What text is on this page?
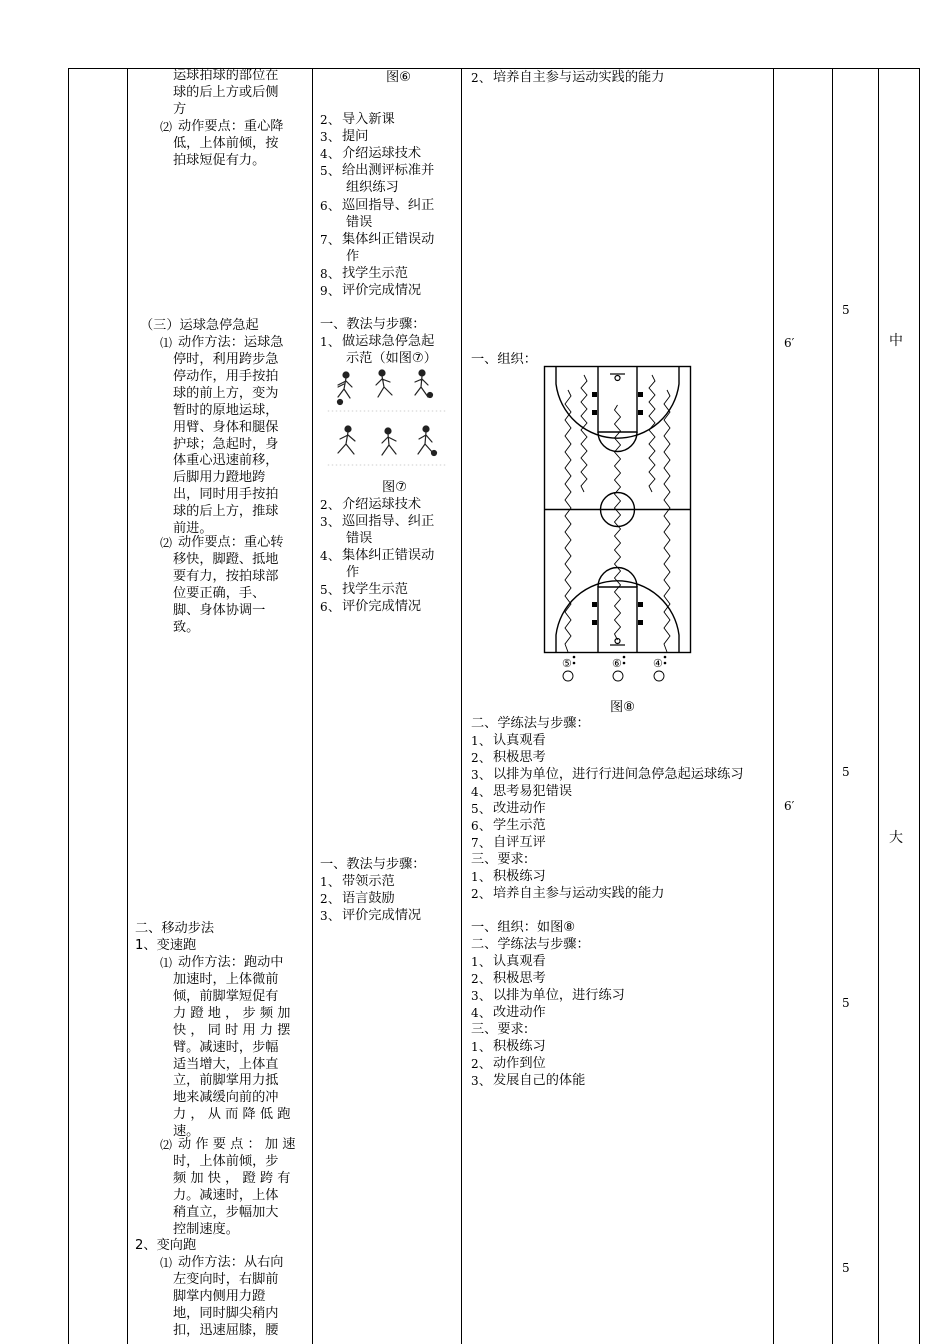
运球拍球的部位在
球的后上方或后侧
方
⑵ 动作要点：重心降
低，上体前倾，按
拍球短促有力。
（三）运球急停急起
⑴ 动作方法：运球急
停时，利用跨步急
停动作，用手按拍
球的前上方，变为
暂时的原地运球，
用臂、身体和腿保
护球；急起时，身
体重心迅速前移，
后脚用力蹬地跨
出，同时用手按拍
球的后上方，推球
前进。
⑵ 动作要点：重心转
移快，脚蹬、抵地
要有力，按拍球部
位要正确，手、
脚、身体协调一
致。
二、移动步法
1、变速跑
⑴ 动作方法：跑动中
加速时，上体微前
倾，前脚掌短促有
力 蹬 地 ， 步 频 加
快 ， 同 时 用 力 摆
臂。减速时，步幅
适当增大，上体直
立，前脚掌用力抵
地来减缓向前的冲
力 ， 从 而 降 低 跑
速。
⑵ 动 作 要 点 ： 加 速
时，上体前倾，步
频 加 快 ， 蹬 跨 有
力。减速时，上体
稍直立，步幅加大
控制速度。
2、变向跑
⑴ 动作方法：从右向
左变向时，右脚前
脚掌内侧用力蹬
地，同时脚尖稍内
扣，迅速屈膝，腰
图⑥
2 、 导入新课
3 、 提问
4 、 介绍运球技术
5 、 给出测评标准并
组织练习
6 、 巡回指导、纠正
错误
7 、 集体纠正错误动
作
8 、 找学生示范
9 、 评价完成情况
一、教法与步骤：
1 、 做运球急停急起
示范（如图⑦）
图⑦
2 、 介绍运球技术
3 、 巡回指导、纠正
错误
4 、 集体纠正错误动
作
5 、 找学生示范
6 、 评价完成情况
一、教法与步骤：
1 、 带领示范
2 、 语言鼓励
3 、 评价完成情况
2 、 培养自主参与运动实践的能力
一、组织：
⑤	⑥	④
图⑧
二、学练法与步骤：
1 、 认真观看
2 、 积极思考
3 、 以排为单位，进行行进间急停急起运球练习
4 、 思考易犯错误
5 、 改进动作
6 、 学生示范
7 、 自评互评
三、要求:
1 、 积极练习
2 、 培养自主参与运动实践的能力
一、组织：如图⑧
二、学练法与步骤：
1 、 认真观看
2 、 积极思考
3 、 以排为单位，进行练习
4 、 改进动作
三、要求:
1 、 积极练习
2 、 动作到位
3 、 发展自己的体能
6′
6′
5
5
5
5
中
大
